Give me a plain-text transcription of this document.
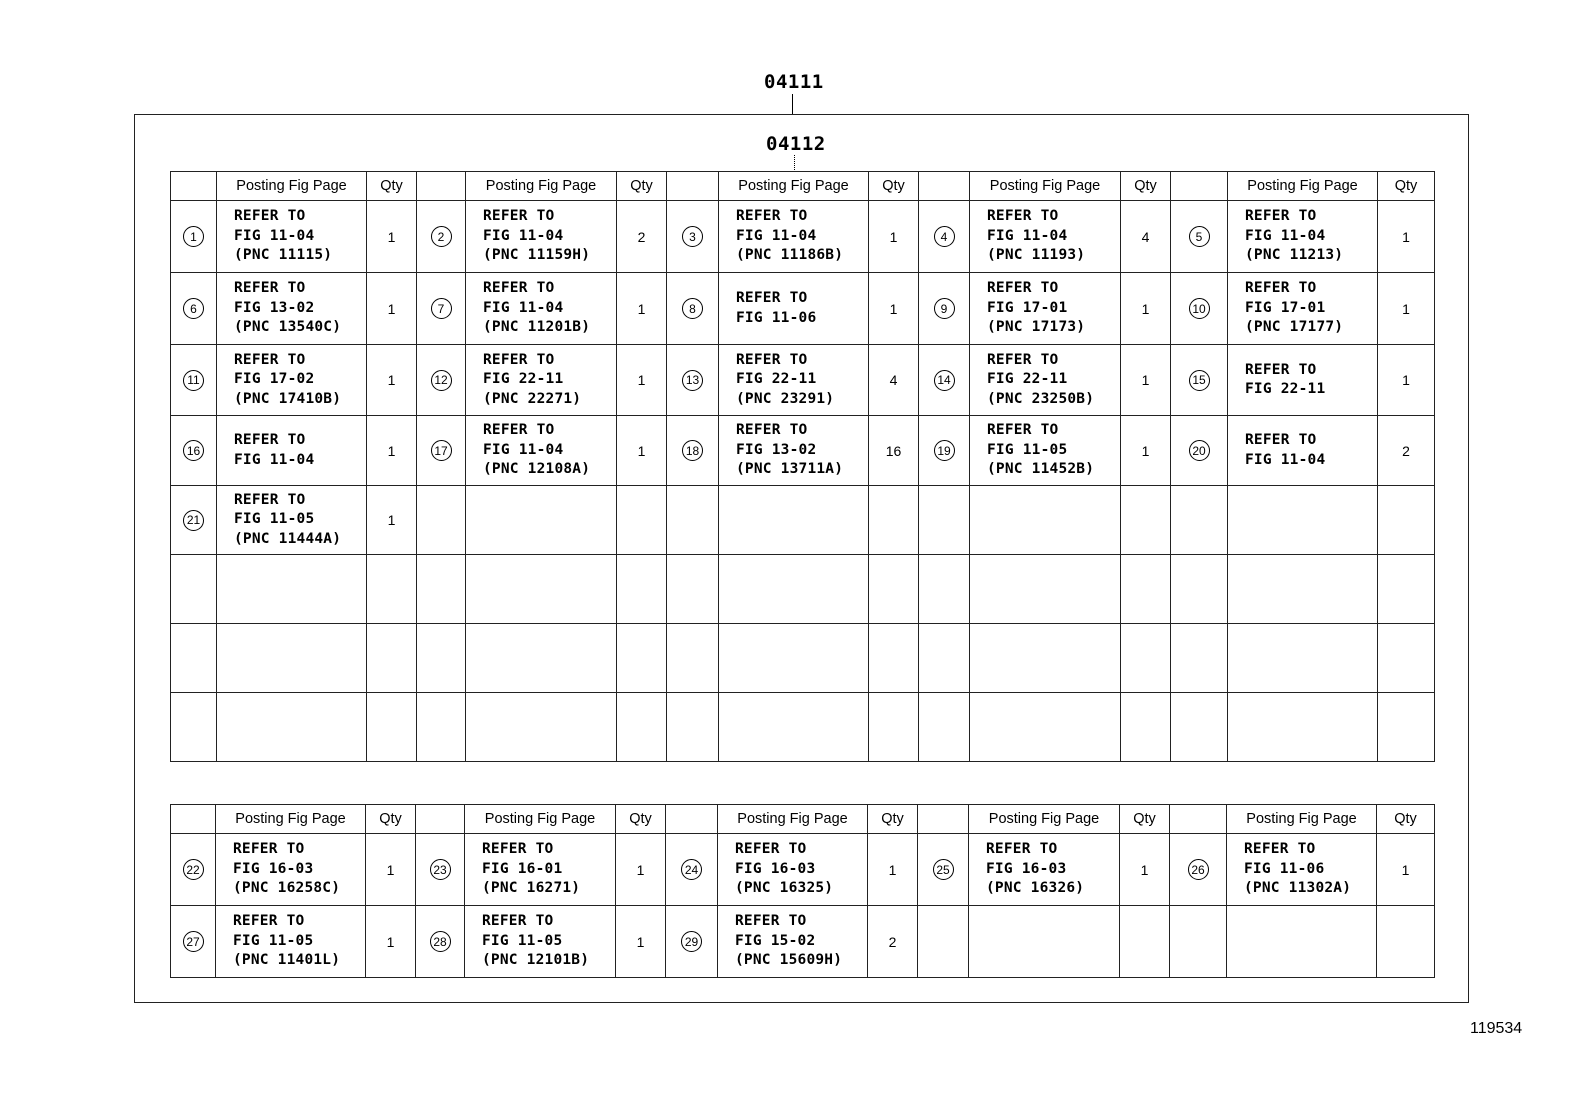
04111
04112
	Posting Fig Page	Qty		Posting Fig Page	Qty		Posting Fig Page	Qty		Posting Fig Page	Qty		Posting Fig Page	Qty
1	REFER TO
FIG 11-04
(PNC 11115)	1	2	REFER TO
FIG 11-04
(PNC 11159H)	2	3	REFER TO
FIG 11-04
(PNC 11186B)	1	4	REFER TO
FIG 11-04
(PNC 11193)	4	5	REFER TO
FIG 11-04
(PNC 11213)	1
6	REFER TO
FIG 13-02
(PNC 13540C)	1	7	REFER TO
FIG 11-04
(PNC 11201B)	1	8	REFER TO
FIG 11-06	1	9	REFER TO
FIG 17-01
(PNC 17173)	1	10	REFER TO
FIG 17-01
(PNC 17177)	1
11	REFER TO
FIG 17-02
(PNC 17410B)	1	12	REFER TO
FIG 22-11
(PNC 22271)	1	13	REFER TO
FIG 22-11
(PNC 23291)	4	14	REFER TO
FIG 22-11
(PNC 23250B)	1	15	REFER TO
FIG 22-11	1
16	REFER TO
FIG 11-04	1	17	REFER TO
FIG 11-04
(PNC 12108A)	1	18	REFER TO
FIG 13-02
(PNC 13711A)	16	19	REFER TO
FIG 11-05
(PNC 11452B)	1	20	REFER TO
FIG 11-04	2
21	REFER TO
FIG 11-05
(PNC 11444A)	1												

	Posting Fig Page	Qty		Posting Fig Page	Qty		Posting Fig Page	Qty		Posting Fig Page	Qty		Posting Fig Page	Qty
22	REFER TO
FIG 16-03
(PNC 16258C)	1	23	REFER TO
FIG 16-01
(PNC 16271)	1	24	REFER TO
FIG 16-03
(PNC 16325)	1	25	REFER TO
FIG 16-03
(PNC 16326)	1	26	REFER TO
FIG 11-06
(PNC 11302A)	1
27	REFER TO
FIG 11-05
(PNC 11401L)	1	28	REFER TO
FIG 11-05
(PNC 12101B)	1	29	REFER TO
FIG 15-02
(PNC 15609H)	2						
119534
